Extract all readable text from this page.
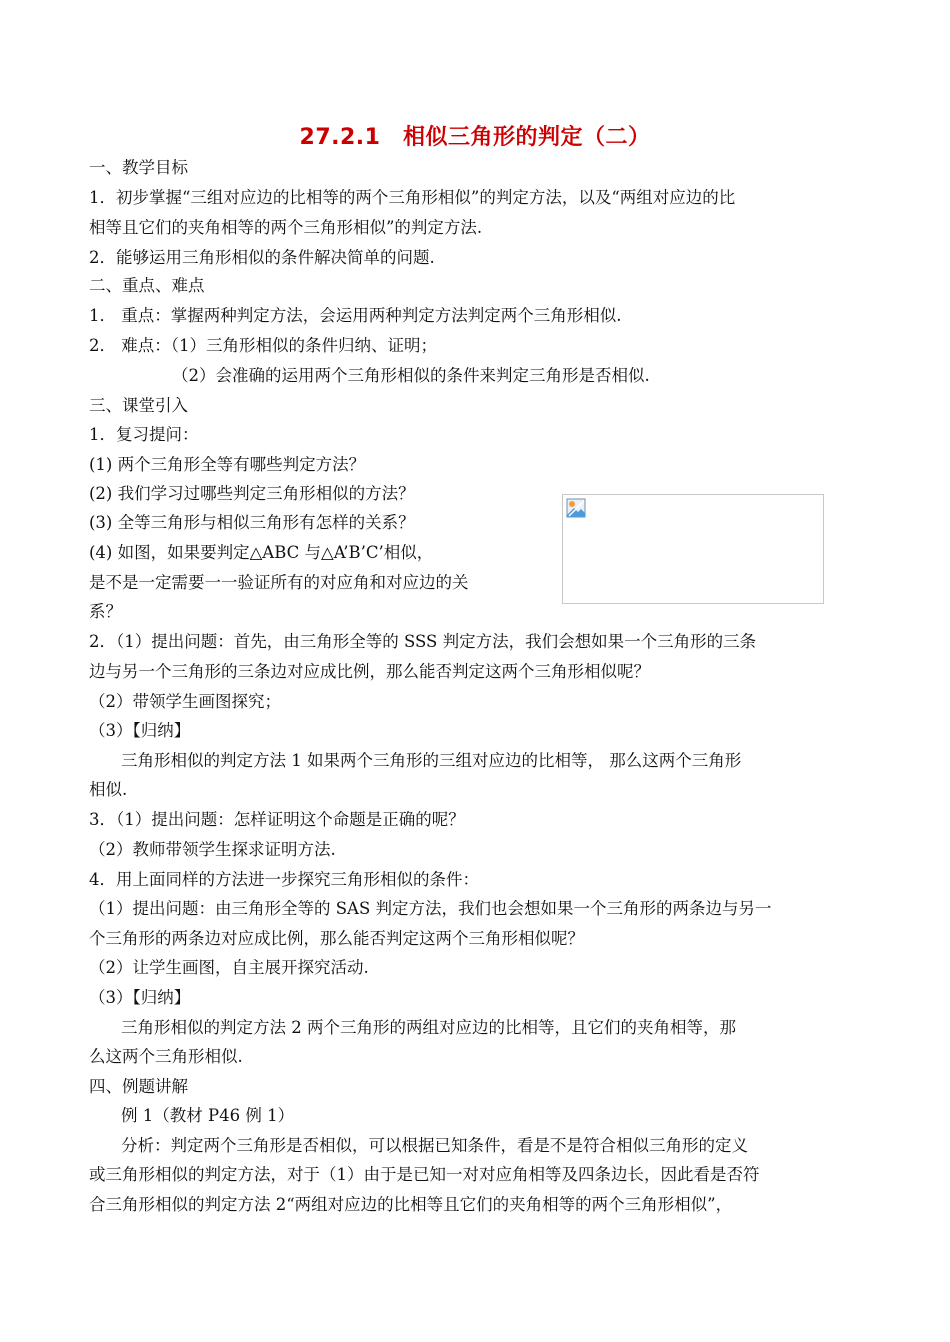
27.2.1　相似三角形的判定（二）
一、教学目标
1．初步掌握“三组对应边的比相等的两个三角形相似”的判定方法，以及“两组对应边的比
相等且它们的夹角相等的两个三角形相似”的判定方法.
2．能够运用三角形相似的条件解决简单的问题.
二、重点、难点
1． 重点：掌握两种判定方法，会运用两种判定方法判定两个三角形相似.
2． 难点：（1）三角形相似的条件归纳、证明；
（2）会准确的运用两个三角形相似的条件来判定三角形是否相似.
三、课堂引入
1．复习提问：
(1) 两个三角形全等有哪些判定方法？
(2) 我们学习过哪些判定三角形相似的方法？
(3) 全等三角形与相似三角形有怎样的关系？
(4) 如图，如果要判定△ABC 与△A’B’C’相似，
是不是一定需要一一验证所有的对应角和对应边的关
系？
2．（1）提出问题：首先，由三角形全等的 SSS 判定方法，我们会想如果一个三角形的三条
边与另一个三角形的三条边对应成比例，那么能否判定这两个三角形相似呢？
（2）带领学生画图探究；
（3）【归纳】
三角形相似的判定方法 1 如果两个三角形的三组对应边的比相等， 那么这两个三角形
相似.
3．（1）提出问题：怎样证明这个命题是正确的呢？
（2）教师带领学生探求证明方法.
4．用上面同样的方法进一步探究三角形相似的条件：
（1）提出问题：由三角形全等的 SAS 判定方法，我们也会想如果一个三角形的两条边与另一
个三角形的两条边对应成比例，那么能否判定这两个三角形相似呢？
（2）让学生画图，自主展开探究活动.
（3）【归纳】
三角形相似的判定方法 2 两个三角形的两组对应边的比相等，且它们的夹角相等，那
么这两个三角形相似.
四、例题讲解
例 1（教材 P46 例 1）
分析：判定两个三角形是否相似，可以根据已知条件，看是不是符合相似三角形的定义
或三角形相似的判定方法，对于（1）由于是已知一对对应角相等及四条边长，因此看是否符
合三角形相似的判定方法 2“两组对应边的比相等且它们的夹角相等的两个三角形相似”，
